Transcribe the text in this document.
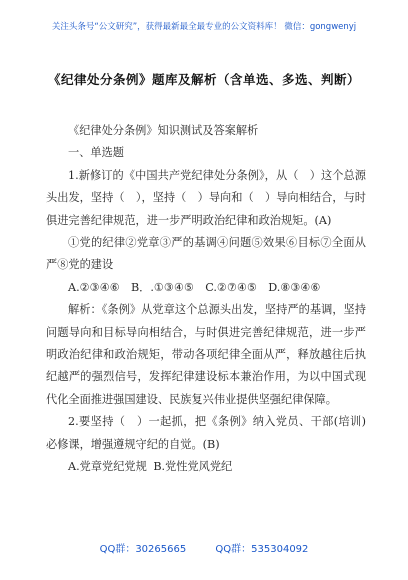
关注头条号“公文研究”，获得最新最全最专业的公文资料库！ 微信：gongwenyj
《纪律处分条例》题库及解析（含单选、多选、判断）

《纪律处分条例》知识测试及答案解析

一、单选题

1.新修订的《中国共产党纪律处分条例》，从（　）这个总源头出发，坚持（　），坚持（　）导向和（　）导向相结合，与时俱进完善纪律规范，进一步严明政治纪律和政治规矩。(A)

①党的纪律②党章③严的基调④问题⑤效果⑥目标⑦全面从严⑧党的建设

A.②③④⑥　B．.①③④⑤　C.②⑦④⑤　D.⑧③④⑥

解析：《条例》从党章这个总源头出发，坚持严的基调，坚持问题导向和目标导向相结合，与时俱进完善纪律规范，进一步严明政治纪律和政治规矩，带动各项纪律全面从严，释放越往后执纪越严的强烈信号，发挥纪律建设标本兼治作用，为以中国式现代化全面推进强国建设、民族复兴伟业提供坚强纪律保障。

2.要坚持（　）一起抓，把《条例》纳入党员、干部(培训)必修课，增强遵规守纪的自觉。(B)

A.党章党纪党规 B.党性党风党纪

QQ群：30265665	QQ群：535304092
